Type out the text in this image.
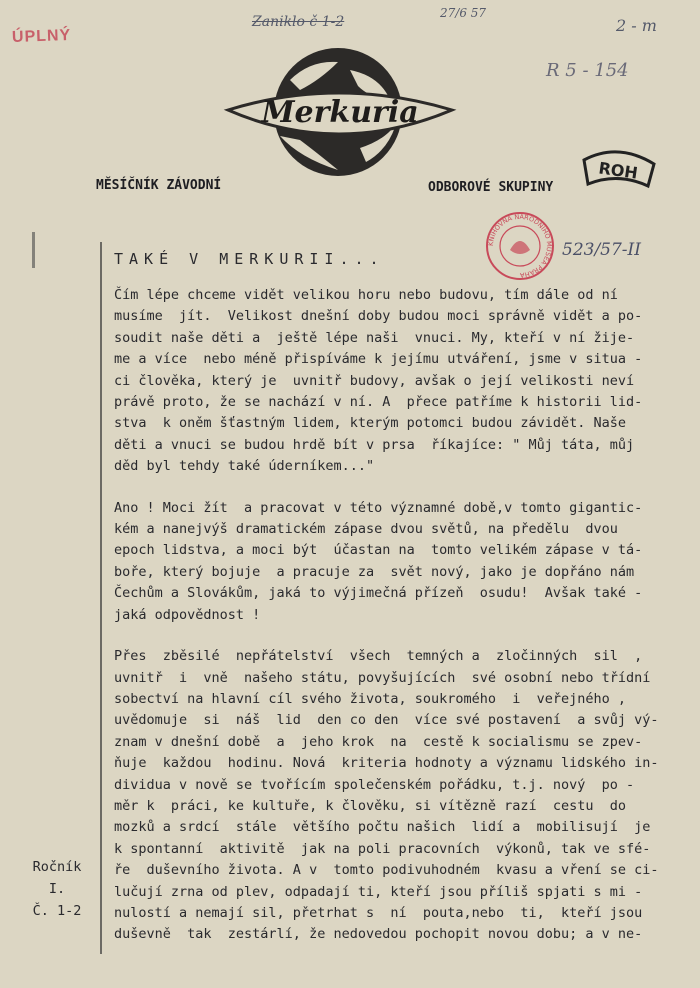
ÚPLNÝ
Zaniklo č 1-2
27/6 57
2 - m
R 5 - 154
Merkuria
MĚSÍČNÍK ZÁVODNÍ	ODBOROVÉ SKUPINY
ROH
KNIHOVNA NÁRODNÍHO MUSEA PRAHA
523/57-II
TAKÉ V MERKURII...
Čím lépe chceme vidět velikou horu nebo budovu, tím dále od ní
musíme  jít.  Velikost dnešní doby budou moci správně vidět a po-
soudit naše děti a  ještě lépe naši  vnuci. My, kteří v ní žije-
me a více  nebo méně přispíváme k jejímu utváření, jsme v situa -
ci člověka, který je  uvnitř budovy, avšak o její velikosti neví
právě proto, že se nachází v ní. A  přece patříme k historii lid-
stva  k oněm šťastným lidem, kterým potomci budou závidět. Naše
děti a vnuci se budou hrdě bít v prsa  říkajíce: " Můj táta, můj
děd byl tehdy také úderníkem..."
Ano ! Moci žít  a pracovat v této významné době,v tomto gigantic-
kém a nanejvýš dramatickém zápase dvou světů, na předělu  dvou
epoch lidstva, a moci být  účastan na  tomto velikém zápase v tá-
boře, který bojuje  a pracuje za  svět nový, jako je dopřáno nám
Čechům a Slovákům, jaká to výjimečná přízeň  osudu!  Avšak také -
jaká odpovědnost !
Přes  zběsilé  nepřátelství  všech  temných a  zločinných  sil  ,
uvnitř  i  vně  našeho státu, povyšujících  své osobní nebo třídní
sobectví na hlavní cíl svého života, soukromého  i  veřejného ,
uvědomuje  si  náš  lid  den co den  více své postavení  a svůj vý-
znam v dnešní době  a  jeho krok  na  cestě k socialismu se zpev-
ňuje  každou  hodinu. Nová  kriteria hodnoty a významu lidského in-
dividua v nově se tvořícím společenském pořádku, t.j. nový  po -
měr k  práci, ke kultuře, k člověku, si vítězně razí  cestu  do
mozků a srdcí  stále  většího počtu našich  lidí a  mobilisují  je
k spontanní  aktivitě  jak na poli pracovních  výkonů, tak ve sfé-
ře  duševního života. A v  tomto podivuhodném  kvasu a vření se ci-
lučují zrna od plev, odpadají ti, kteří jsou příliš spjati s mi -
nulostí a nemají sil, přetrhat s  ní  pouta,nebo  ti,  kteří jsou
duševně  tak  zestárlí, že nedovedou pochopit novou dobu; a v ne-
Ročník
I.
Č. 1-2
